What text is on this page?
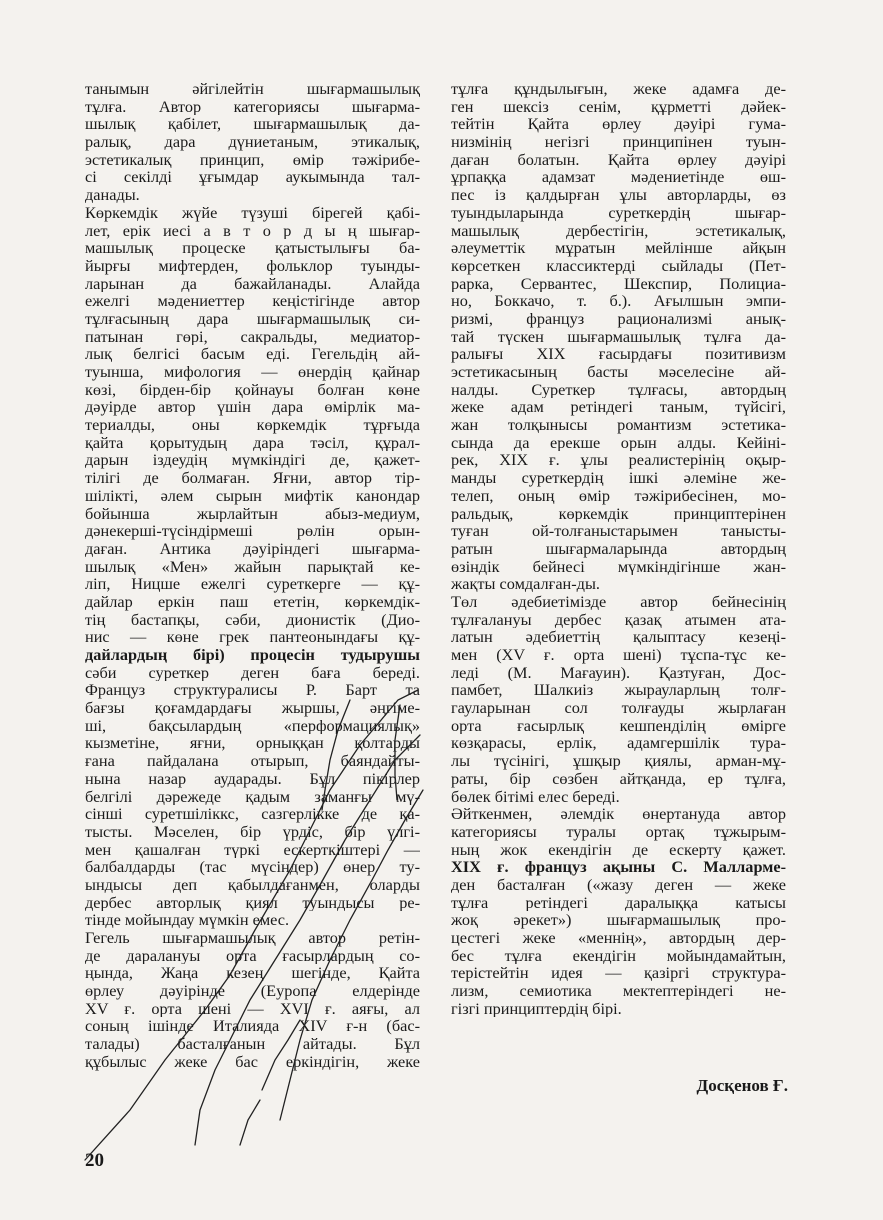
танымын әйгілейтін шығармашылық
тұлға. Автор категориясы шығарма-
шылық қабілет, шығармашылық да-
ралық, дара дүниетаным, этикалық,
эстетикалық принцип, өмір тәжірибе-
сі секілді ұғымдар аукымында тал-
данады.
Көркемдік жүйе түзуші бірегей қабі-
лет, ерік иесі а в т о р д ы ң шығар-
машылық процеске қатыстылығы ба-
йырғы мифтерден, фольклор туынды-
ларынан да бажайланады. Алайда
ежелгі мәдениеттер кеңістігінде автор
тұлғасының дара шығармашылық си-
патынан гөрі, сакральды, медиатор-
лық белгісі басым еді. Гегельдің ай-
туынша, мифология — өнердің қайнар
көзі, бірден-бір қойнауы болған көне
дәуірде автор үшін дара өмірлік ма-
териалды, оны көркемдік тұрғыда
қайта қорытудың дара тәсіл, құрал-
дарын іздеудің мүмкіндігі де, қажет-
тілігі де болмаған. Яғни, автор тір-
шілікті, әлем сырын мифтік канондар
бойынша жырлайтын абыз-медиум,
дәнекерші-түсіндірмеші рөлін орын-
даған. Антика дәуіріндегі шығарма-
шылық «Мен» жайын парықтай ке-
ліп, Ницше ежелгі суреткерге — құ-
дайлар еркін паш ететін, көркемдік-
тің бастапқы, сәби, дионистік (Дио-
нис — көне грек пантеонындағы құ-
дайлардың бірі) процесін тудырушы
сәби суреткер деген баға береді.
Француз структуралисы Р. Барт та
бағзы қоғамдардағы жыршы, әңгіме-
ші, бақсылардың «перформациялық»
кызметіне, яғни, орныққан қолтарды
ғана пайдалана отырып, баяндайты-
нына назар аударады. Бұл пікірлер
белгілі дәрежеде қадым заманғы мү-
сінші суретшіліккс, сазгерлікке де қа-
тысты. Мәселен, бір үрдіс, бір үлгі-
мен қашалған түркі ескерткіштері —
балбалдарды (тас мүсіндер) өнер ту-
ындысы деп қабылдағанмен, оларды
дербес авторлық қиял туындысы ре-
тінде мойындау мүмкін емес.
Гегель шығармашылық автор ретін-
де даралануы орта ғасырлардың со-
ңында, Жаңа кезең шегінде, Қайта
өрлеу дәуірінде (Еуропа елдерінде
XV ғ. орта шені — XVI ғ. аяғы, ал
соның ішінде Италияда XIV ғ-н (бас-
талады) басталғанын айтады. Бұл
құбылыс жеке бас еркіндігін, жеке
тұлға құндылығын, жеке адамға де-
ген шексіз сенім, құрметті дәйек-
тейтін Қайта өрлеу дәуірі гума-
низмінің негізгі принципінен туын-
даған болатын. Қайта өрлеу дәуірі
ұрпаққа адамзат мәдениетінде өш-
пес із қалдырған ұлы авторларды, өз
туындыларында суреткердің шығар-
машылық дербестігін, эстетикалық,
әлеуметтік мұратын мейлінше айқын
көрсеткен классиктерді сыйлады (Пет-
рарка, Сервантес, Шекспир, Полициа-
но, Боккачо, т. б.). Ағылшын эмпи-
ризмі, француз рационализмі анық-
тай түскен шығармашылық тұлға да-
ралығы XIX ғасырдағы позитивизм
эстетикасының басты мәселесіне ай-
налды. Суреткер тұлғасы, автордың
жеке адам ретіндегі таным, түйсігі,
жан толқынысы романтизм эстетика-
сында да ерекше орын алды. Кейіні-
рек, XIX ғ. ұлы реалистерінің оқыр-
манды суреткердің ішкі әлеміне же-
телеп, оның өмір тәжірибесінен, мо-
ральдық, көркемдік принциптерінен
туған ой-толғаныстарымен таныcты-
ратын шығармаларында автордың
өзіндік бейнесі мүмкіндігінше жан-
жақты сомдалған-ды.
Төл әдебиетімізде автор бейнесінің
тұлғалануы дербес қазақ атымен ата-
латын әдебиеттің қалыптасу кезеңі-
мен (XV ғ. орта шені) тұспа-тұс ке-
леді (М. Мағауин). Қазтуған, Дос-
памбет, Шалкиіз жырауларлың толғ-
гауларынан сол толғауды жырлаған
орта ғасырлық кешпенділің өмірге
көзқарасы, ерлік, адамгершілік тура-
лы түсінігі, ұшқыр қиялы, арман-мұ-
раты, бір сөзбен айтқанда, ер тұлға,
бөлек бітімі елес береді.
Әйткенмен, әлемдік өнертануда автор
категориясы туралы ортақ тұжырым-
ның жок екендігін де ескерту қажет.
XIX ғ. француз ақыны С. Малларме-
ден басталған («жазу деген — жеке
тұлға ретіндегі даралыққа катысы
жоқ әрекет») шығармашылық про-
цестегі жеке «меннің», автордың дер-
бес тұлға екендігін мойындамайтын,
терістейтін идея — қазіргі структура-
лизм, семиотика мектептеріндегі не-
гізгі принциптердің бірі.
Досқенов Ғ.
20
